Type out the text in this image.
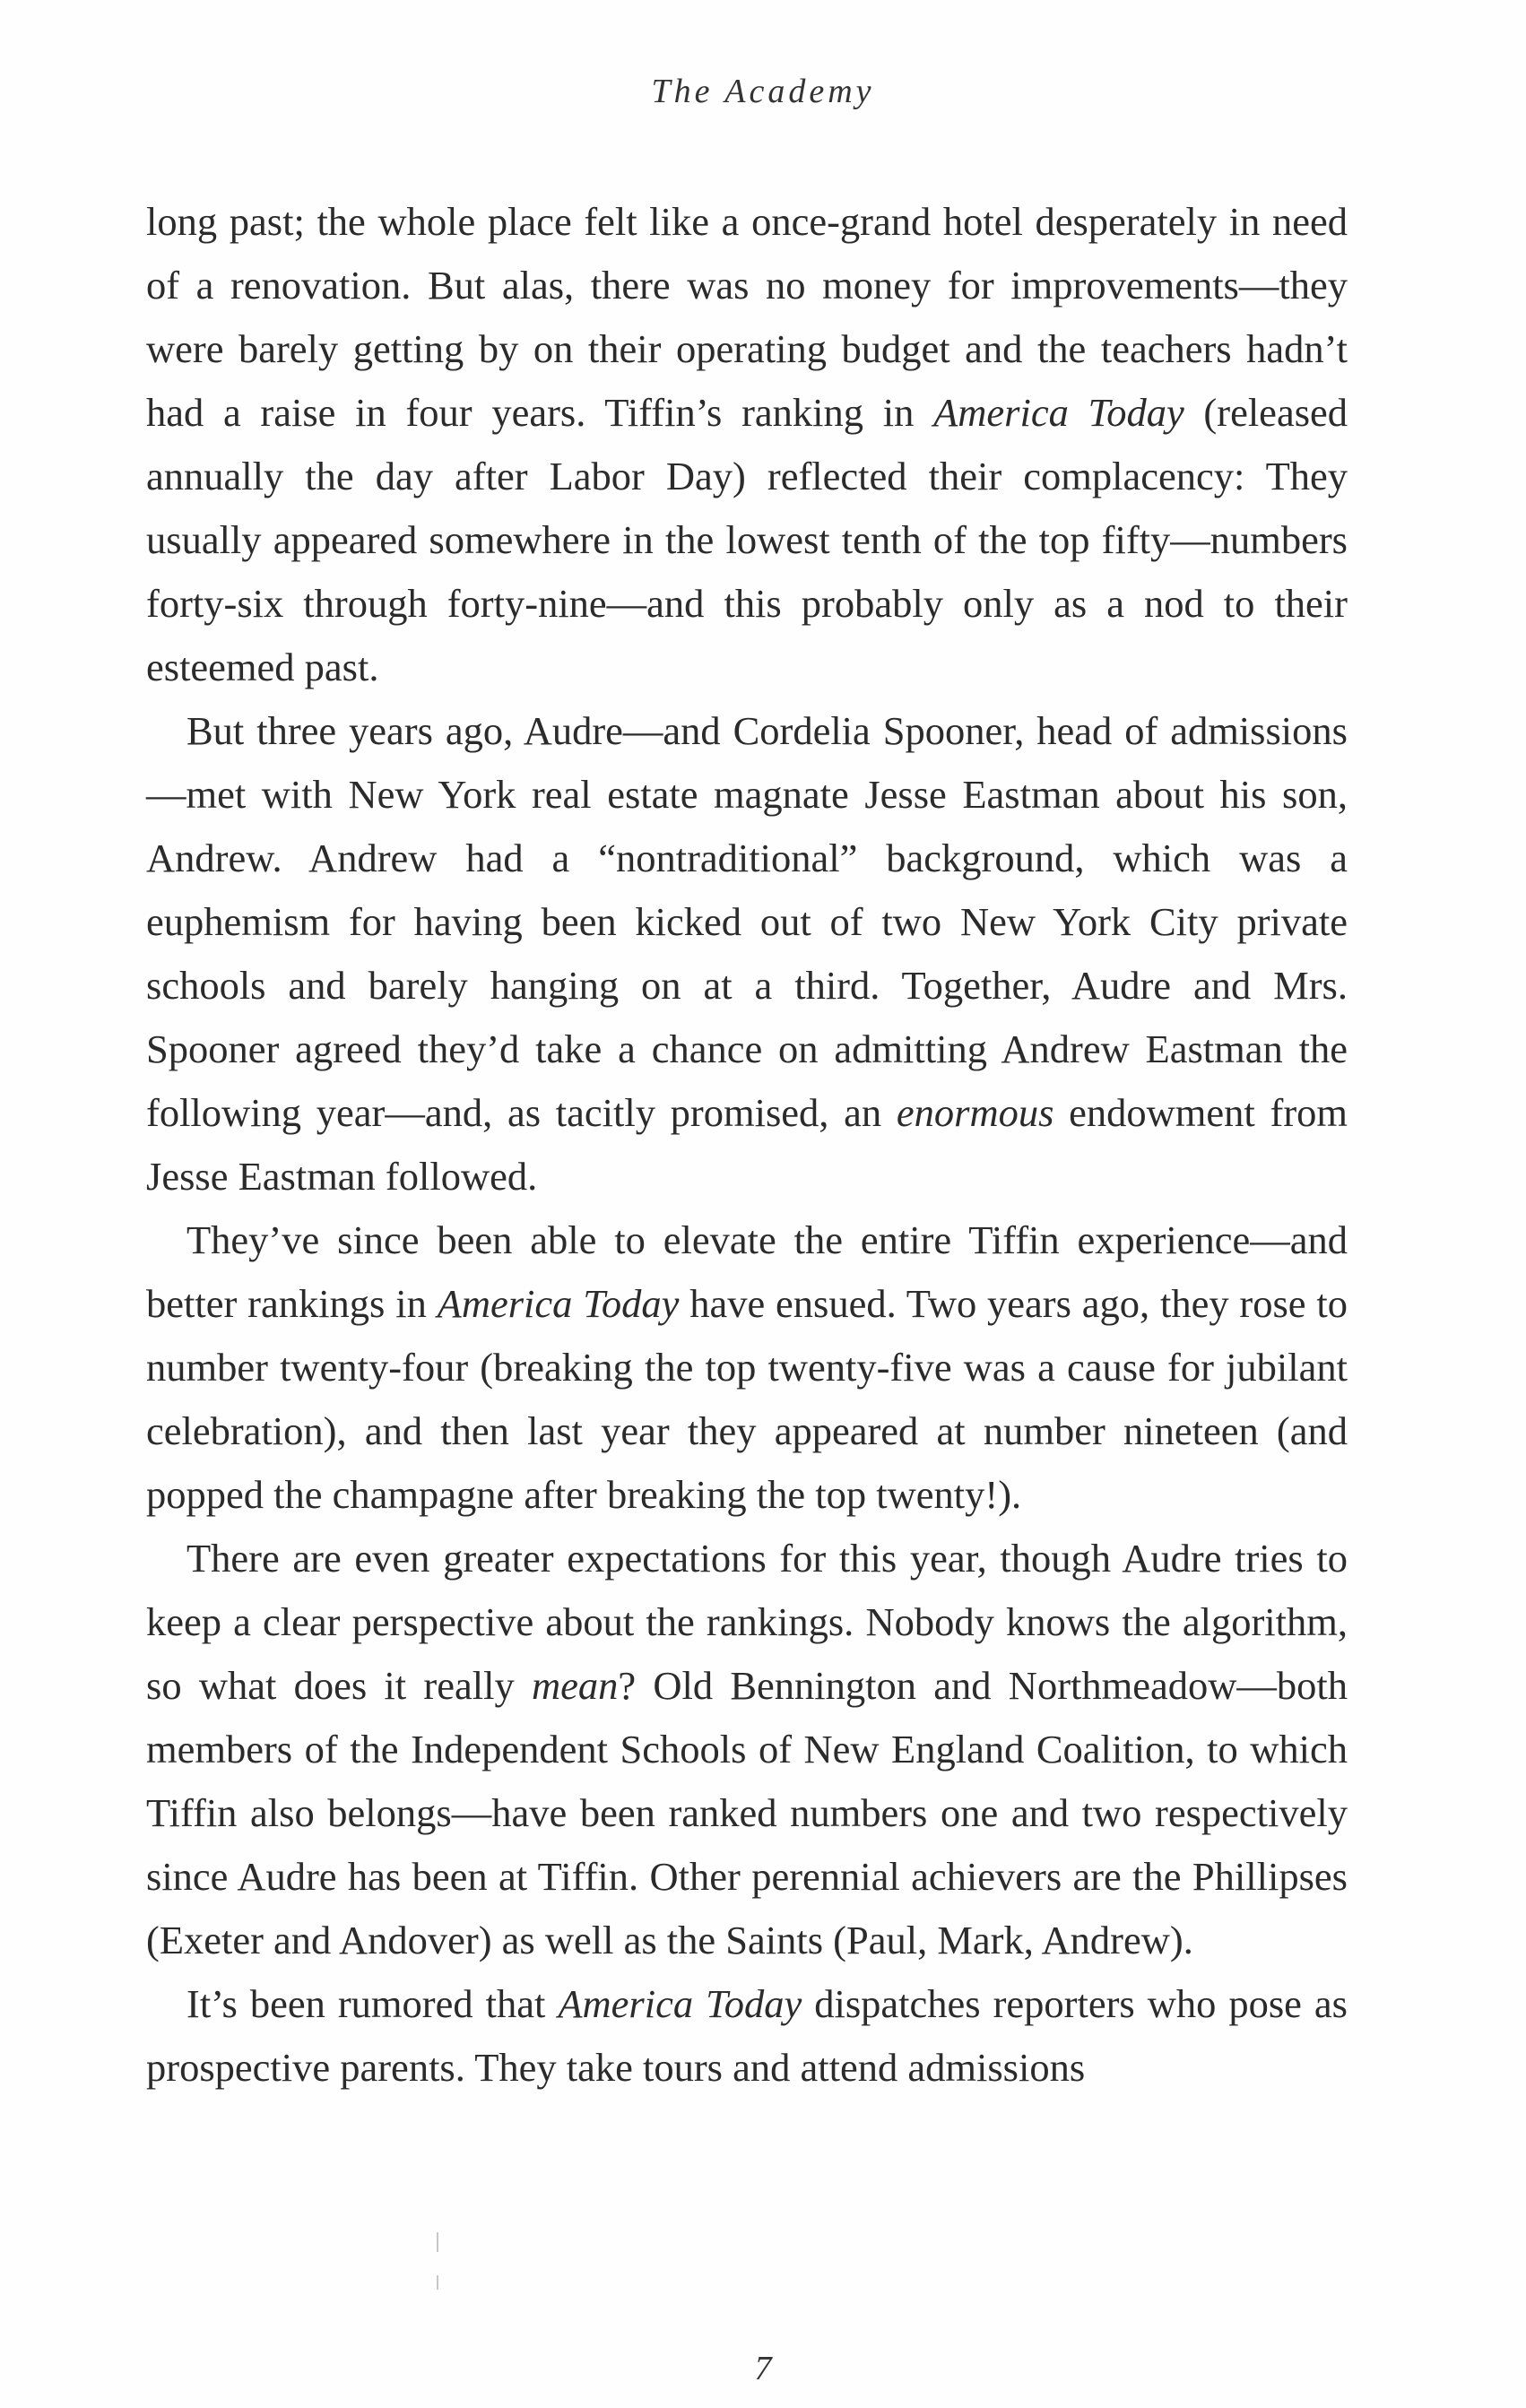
The Academy

long past; the whole place felt like a once-grand hotel desperately in need of a renovation. But alas, there was no money for improvements—they were barely getting by on their operating budget and the teachers hadn’t had a raise in four years. Tiffin’s ranking in America Today (released annually the day after Labor Day) reflected their complacency: They usually appeared somewhere in the lowest tenth of the top fifty—numbers forty-six through forty-nine—and this probably only as a nod to their esteemed past.

But three years ago, Audre—and Cordelia Spooner, head of admissions—met with New York real estate magnate Jesse Eastman about his son, Andrew. Andrew had a “nontraditional” background, which was a euphemism for having been kicked out of two New York City private schools and barely hanging on at a third. Together, Audre and Mrs. Spooner agreed they’d take a chance on admitting Andrew Eastman the following year—and, as tacitly promised, an enormous endowment from Jesse Eastman followed.

They’ve since been able to elevate the entire Tiffin experience—and better rankings in America Today have ensued. Two years ago, they rose to number twenty-four (breaking the top twenty-five was a cause for jubilant celebration), and then last year they appeared at number nineteen (and popped the champagne after breaking the top twenty!).

There are even greater expectations for this year, though Audre tries to keep a clear perspective about the rankings. Nobody knows the algorithm, so what does it really mean? Old Bennington and Northmeadow—both members of the Independent Schools of New England Coalition, to which Tiffin also belongs—have been ranked numbers one and two respectively since Audre has been at Tiffin. Other perennial achievers are the Phillipses (Exeter and Andover) as well as the Saints (Paul, Mark, Andrew).

It’s been rumored that America Today dispatches reporters who pose as prospective parents. They take tours and attend admissions

7
